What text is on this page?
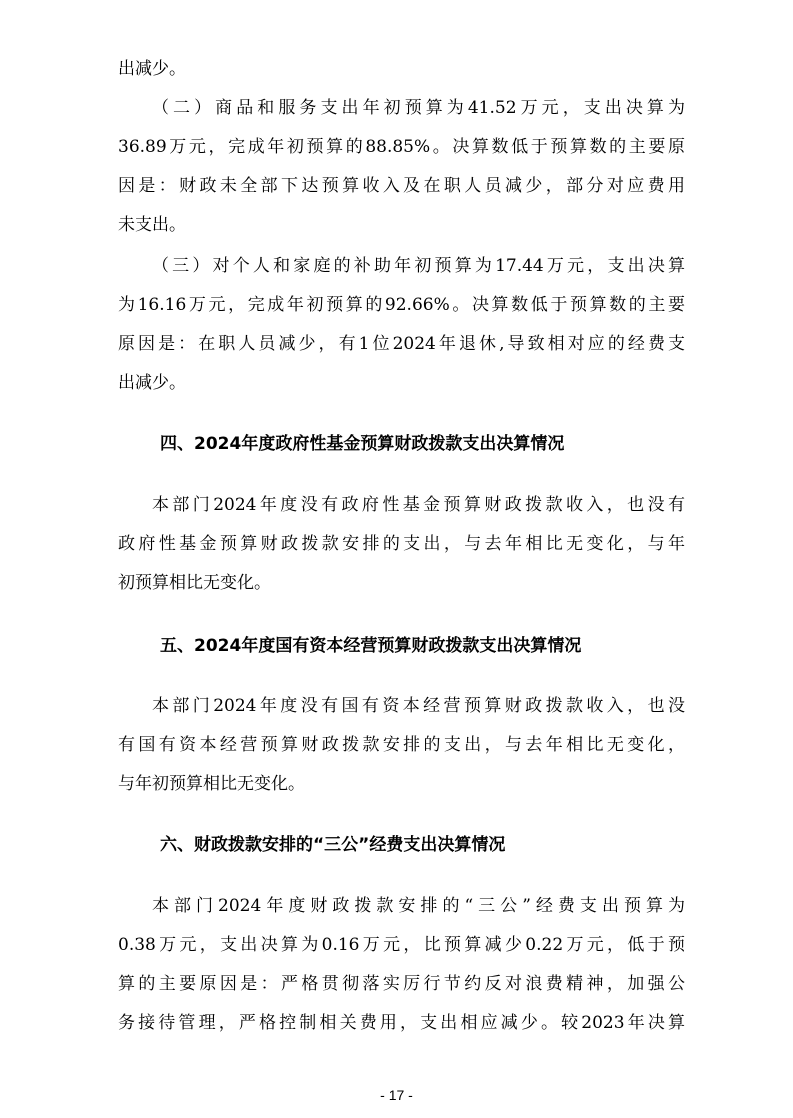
出减少。
（二）商品和服务支出年初预算为41.52万元，支出决算为
36.89万元，完成年初预算的88.85%。决算数低于预算数的主要原
因是：财政未全部下达预算收入及在职人员减少，部分对应费用
未支出。
（三）对个人和家庭的补助年初预算为17.44万元，支出决算
为16.16万元，完成年初预算的92.66%。决算数低于预算数的主要
原因是：在职人员减少，有1位2024年退休,导致相对应的经费支
出减少。
四、2024年度政府性基金预算财政拨款支出决算情况
本部门2024年度没有政府性基金预算财政拨款收入，也没有
政府性基金预算财政拨款安排的支出，与去年相比无变化，与年
初预算相比无变化。
五、2024年度国有资本经营预算财政拨款支出决算情况
本部门2024年度没有国有资本经营预算财政拨款收入，也没
有国有资本经营预算财政拨款安排的支出，与去年相比无变化，
与年初预算相比无变化。
六、财政拨款安排的“三公”经费支出决算情况
本部门2024年度财政拨款安排的“三公”经费支出预算为
0.38万元，支出决算为0.16万元，比预算减少0.22万元，低于预
算的主要原因是：严格贯彻落实厉行节约反对浪费精神，加强公
务接待管理，严格控制相关费用，支出相应减少。较2023年决算
- 17 -
